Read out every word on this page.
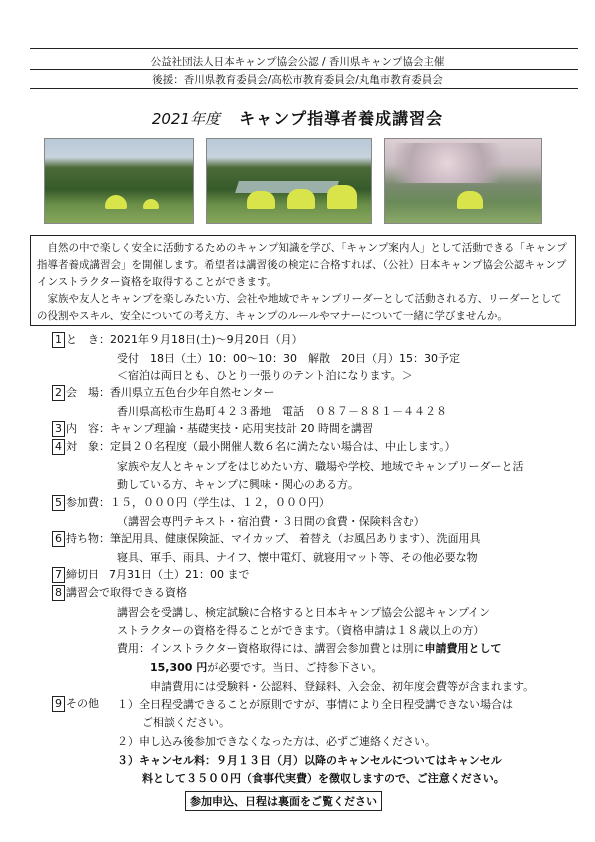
公益社団法人日本キャンプ協会公認 / 香川県キャンプ協会主催
後援：香川県教育委員会/高松市教育委員会/丸亀市教育委員会
2021年度 キャンプ指導者養成講習会

自然の中で楽しく安全に活動するためのキャンプ知識を学び、「キャンプ案内人」として活動できる「キャンプ指導者養成講習会」を開催します。希望者は講習後の検定に合格すれば、（公社）日本キャンプ協会公認キャンプインストラクター資格を取得することができます。

家族や友人とキャンプを楽しみたい方、会社や地域でキャンプリーダーとして活動される方、リーダーとしての役割やスキル、安全についての考え方、キャンプのルールやマナーについて一緒に学びませんか。

1 と　き：2021年９月18日(土)～9月20日（月）
受付　18日（土）10：00～10：30　解散　20日（月）15：30予定
＜宿泊は両日とも、ひとり一張りのテント泊になります。＞
2 会　場：香川県立五色台少年自然センター
香川県高松市生島町４２３番地　電話　０８７－８８１－４４２８
3 内　容：キャンプ理論・基礎実技・応用実技計 20 時間を講習
4 対　象：定員２０名程度（最小開催人数６名に満たない場合は、中止します。）
家族や友人とキャンプをはじめたい方、職場や学校、地域でキャンプリーダーと活
動している方、キャンプに興味・関心のある方。
5 参加費：１５，０００円（学生は、１２，０００円）
（講習会専門テキスト・宿泊費・３日間の食費・保険料含む）
6 持ち物：筆記用具、健康保険証、マイカップ、 着替え（お風呂あります）、洗面用具
寝具、軍手、雨具、ナイフ、懐中電灯、就寝用マット等、その他必要な物
7 締切日 7月31日（土）21：00 まで
8 講習会で取得できる資格
講習会を受講し、検定試験に合格すると日本キャンプ協会公認キャンプイン
ストラクターの資格を得ることができます。（資格申請は１８歳以上の方）
費用：インストラクター資格取得には、講習会参加費とは別に申請費用として
15,300 円が必要です。当日、ご持参下さい。
申請費用には受験料・公認料、登録料、入会金、初年度会費等が含まれます。
9 その他 １）全日程受講できることが原則ですが、事情により全日程受講できない場合は
ご相談ください。
２）申し込み後参加できなくなった方は、必ずご連絡ください。
３）キャンセル料：９月１３日（月）以降のキャンセルについてはキャンセル
料として３５００円（食事代実費）を徴収しますので、ご注意ください。
参加申込、日程は裏面をご覧ください
